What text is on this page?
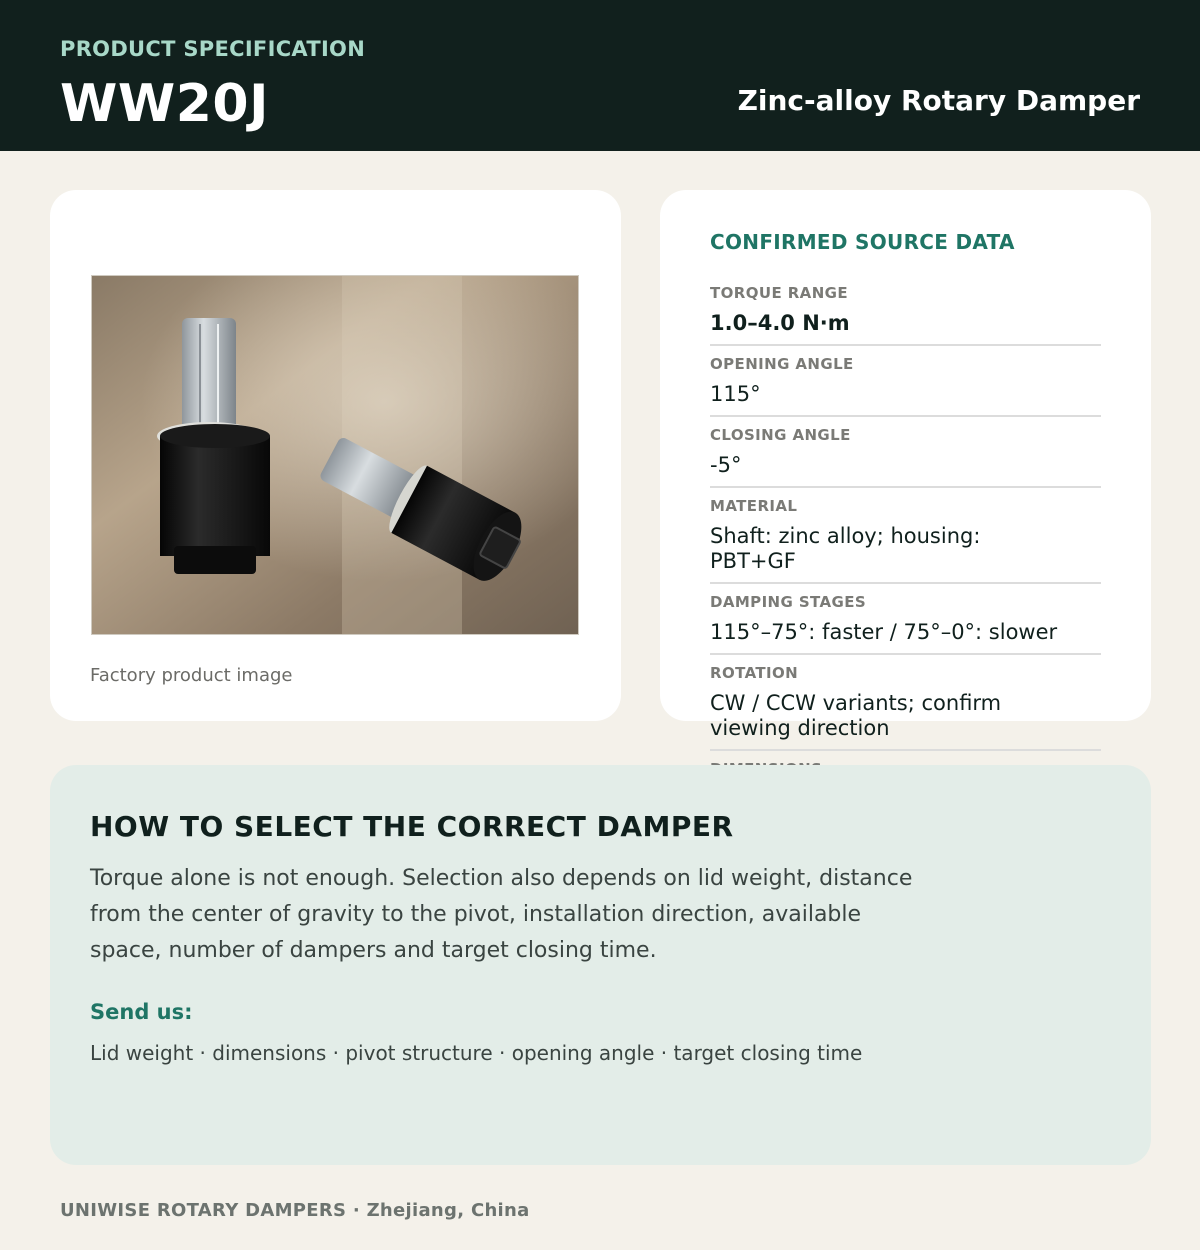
PRODUCT SPECIFICATION
WW20J	Zinc-alloy Rotary Damper
Factory product image
CONFIRMED SOURCE DATA
TORQUE RANGE
1.0–4.0 N·m
OPENING ANGLE
115°
CLOSING ANGLE
-5°
MATERIAL
Shaft: zinc alloy; housing: PBT+GF
DAMPING STAGES
115°–75°: faster / 75°–0°: slower
ROTATION
CW / CCW variants; confirm viewing direction
HOW TO SELECT THE CORRECT DAMPER
Torque alone is not enough. Selection also depends on lid weight, distance from the center of gravity to the pivot, installation direction, available space, number of dampers and target closing time.
Send us:
Lid weight · dimensions · pivot structure · opening angle · target closing time
UNIWISE ROTARY DAMPERS · Zhejiang, China
